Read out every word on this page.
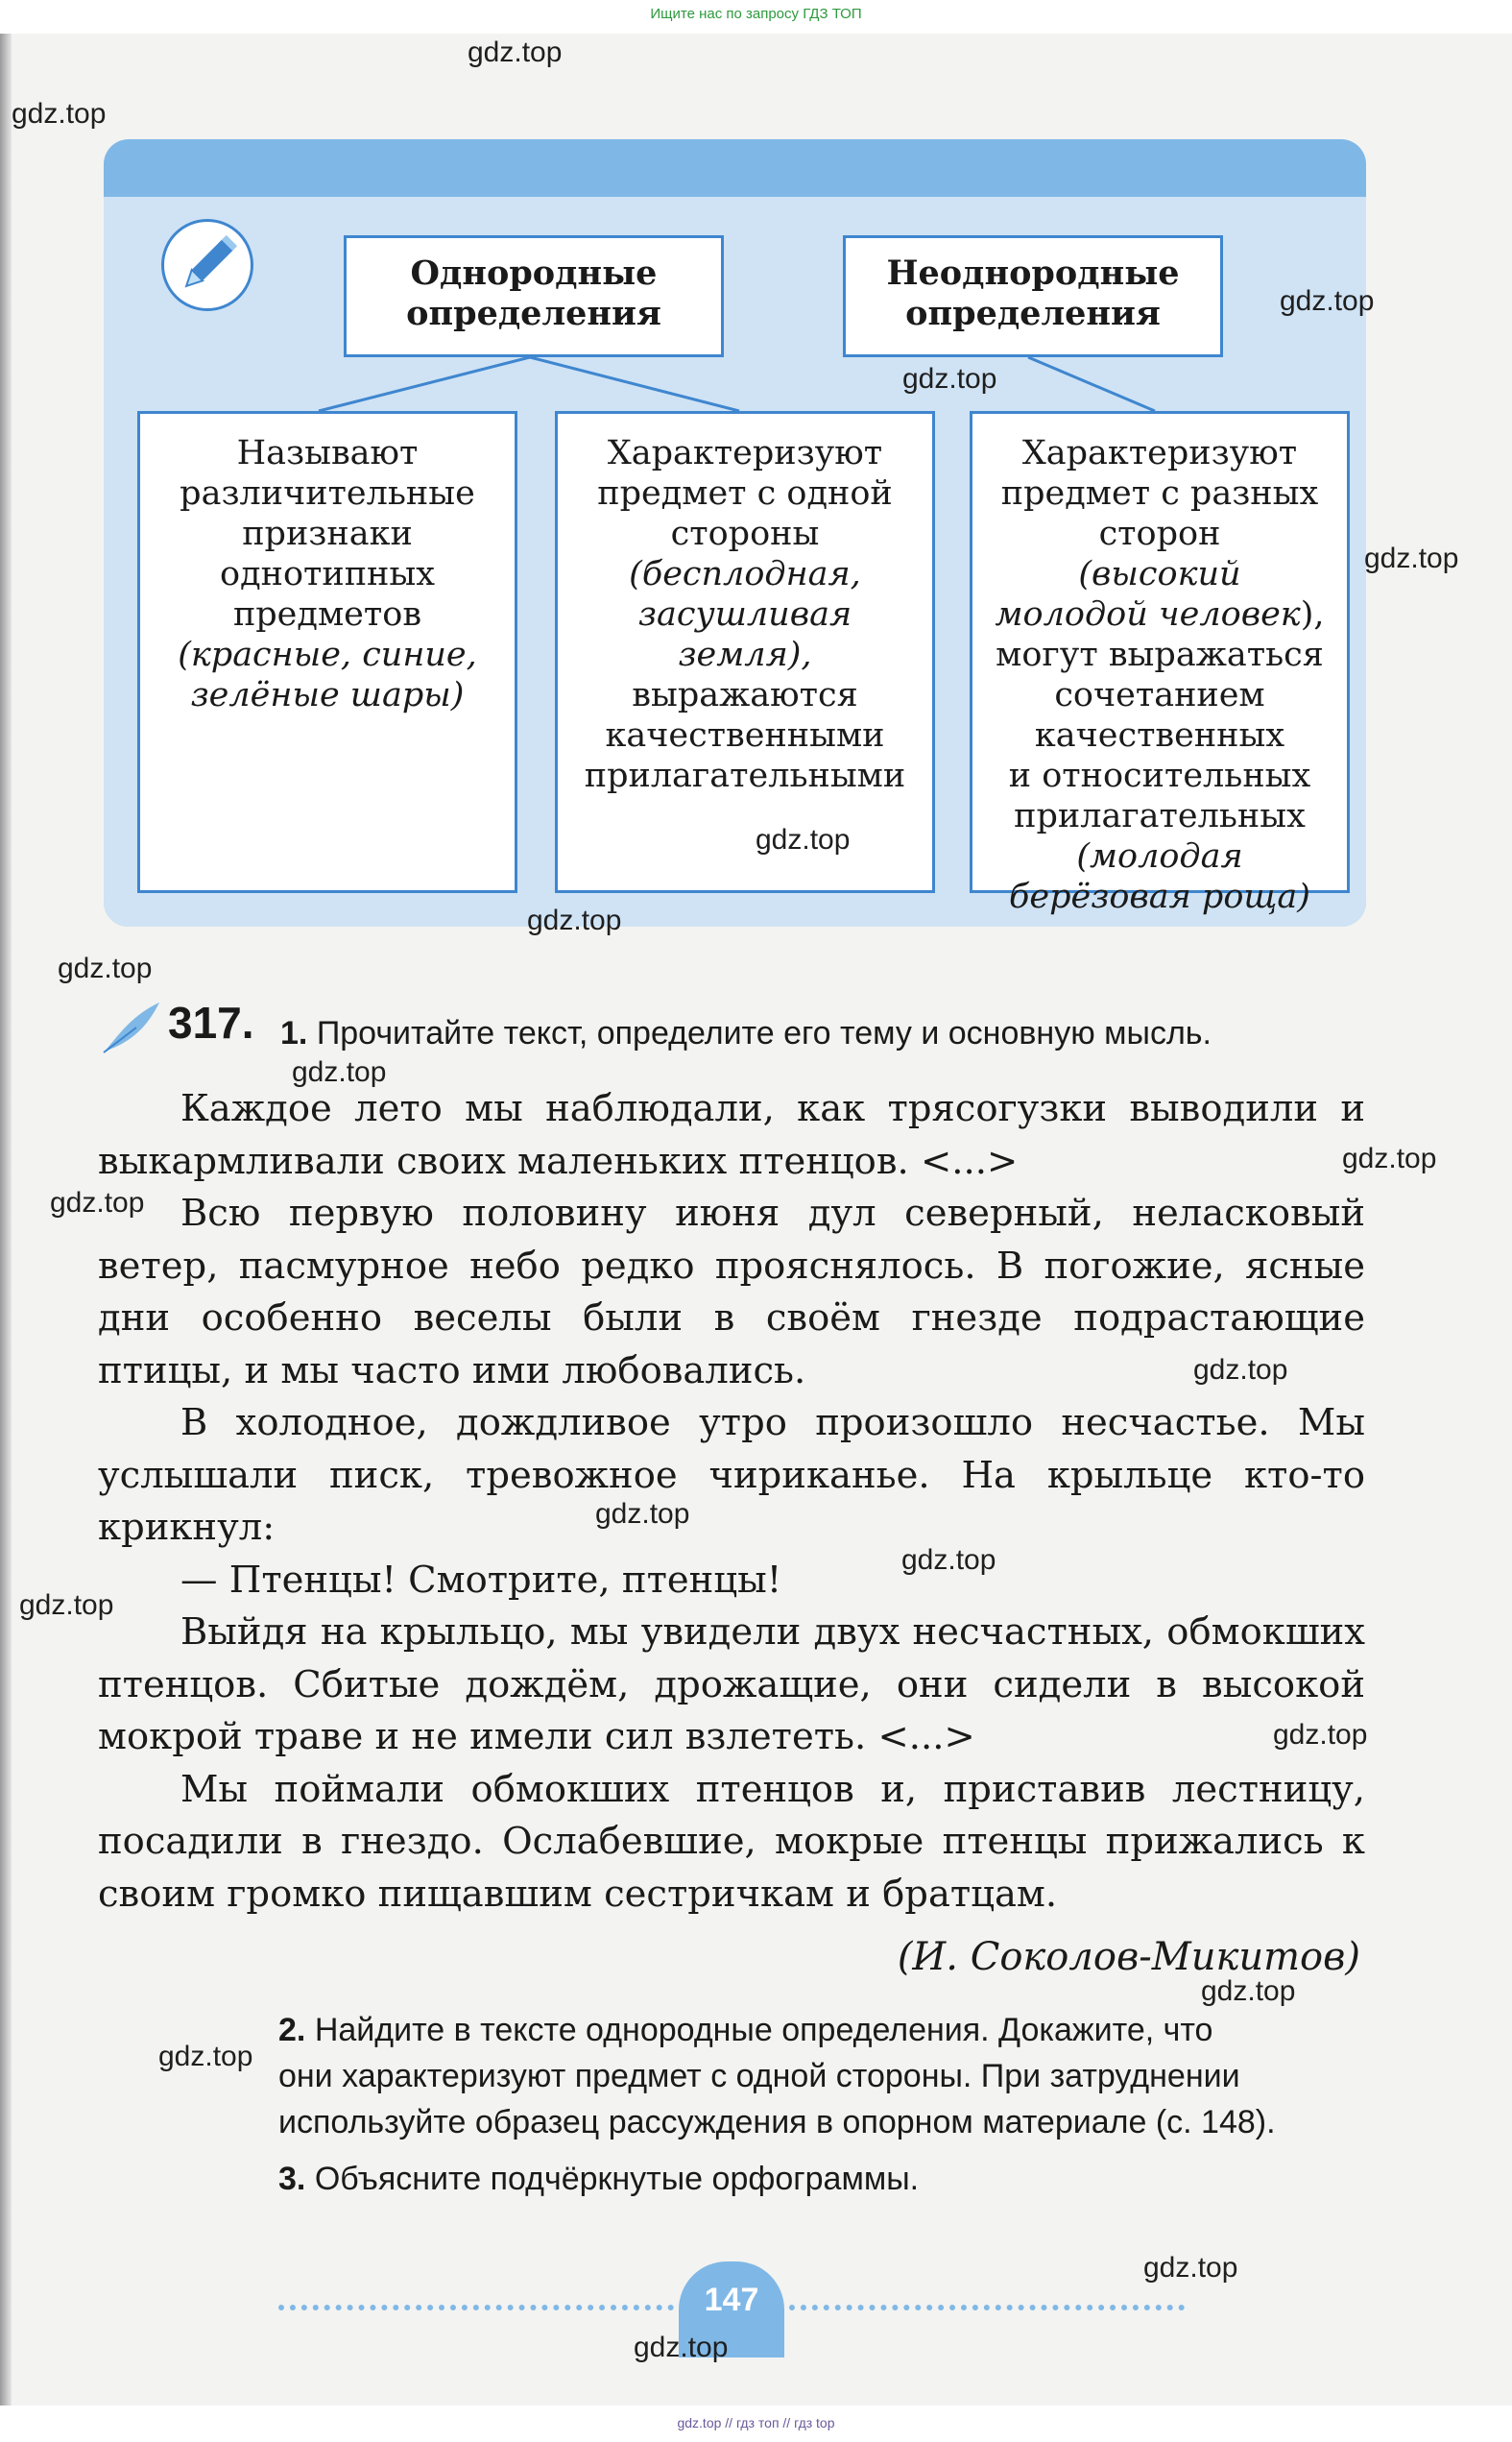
Ищите нас по запросу ГДЗ ТОП
Однородные
определения
Неоднородные
определения
Называют
различительные
признаки
однотипных
предметов
(красные, синие,
зелёные шары)
Характеризуют
предмет с одной
стороны
(бесплодная,
засушливая
земля),
выражаются
качественными
прилагательными
Характеризуют
предмет с разных
сторон
(высокий
молодой человек),
могут выражаться
сочетанием
качественных
и относительных
прилагательных
(молодая
берёзовая роща)
317. 1. Прочитайте текст, определите его тему и основную мысль.

Каждое лето мы наблюдали, как трясогузки выводили и выкармливали своих маленьких птенцов. <...>

Всю первую половину июня дул северный, неласковый ветер, пасмурное небо редко прояснялось. В погожие, ясные дни особенно веселы были в своём гнезде подрастающие птицы, и мы часто ими любовались.

В холодное, дождливое утро произошло несчастье. Мы услышали писк, тревожное чириканье. На крыльце кто-то крикнул:

— Птенцы! Смотрите, птенцы!

Выйдя на крыльцо, мы увидели двух несчастных, обмокших птенцов. Сбитые дождём, дрожащие, они сидели в высокой мокрой траве и не имели сил взлететь. <...>

Мы поймали обмокших птенцов и, приставив лестницу, посадили в гнездо. Ослабевшие, мокрые птенцы прижались к своим громко пищавшим сестричкам и братцам.

(И. Соколов-Микитов)
2. Найдите в тексте однородные определения. Докажите, что
они характеризуют предмет с одной стороны. При затруднении
используйте образец рассуждения в опорном материале (с. 148).
3. Объясните подчёркнутые орфограммы.
147
gdz.top // гдз топ // гдз top
gdz.top
gdz.top
gdz.top
gdz.top
gdz.top
gdz.top
gdz.top
gdz.top
gdz.top
gdz.top
gdz.top
gdz.top
gdz.top
gdz.top
gdz.top
gdz.top
gdz.top
gdz.top
gdz.top
gdz.top
